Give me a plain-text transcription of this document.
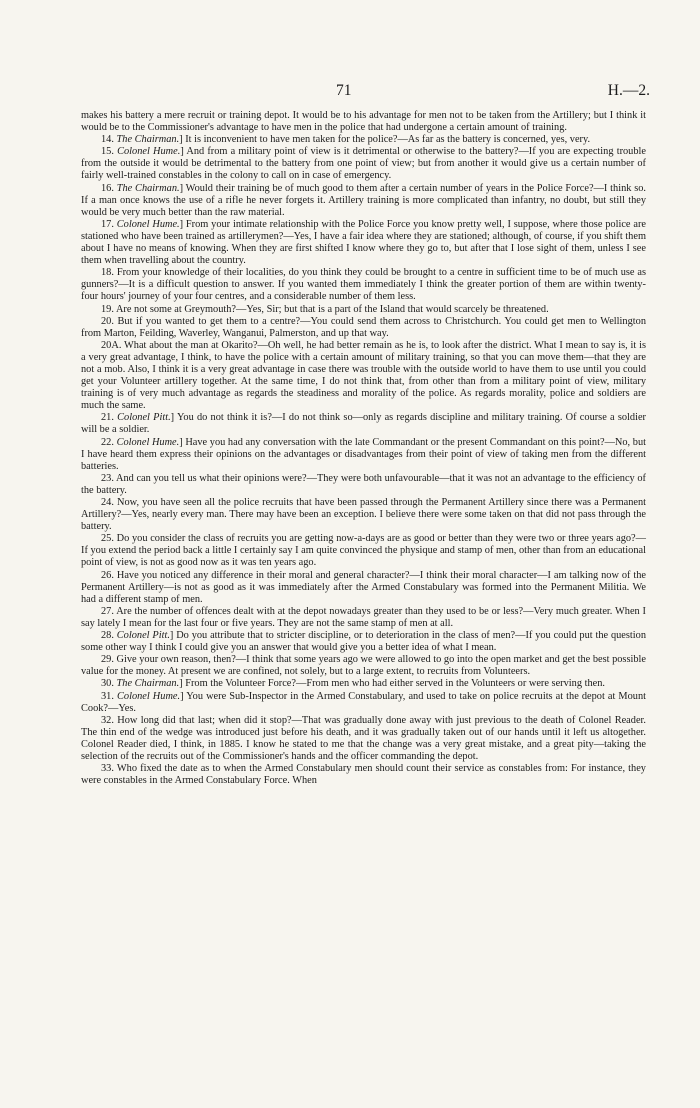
71	H.—2.

makes his battery a mere recruit or training depot. It would be to his advantage for men not to be taken from the Artillery; but I think it would be to the Commissioner's advantage to have men in the police that had undergone a certain amount of training.

14. The Chairman.] It is inconvenient to have men taken for the police?—As far as the battery is concerned, yes, very.

15. Colonel Hume.] And from a military point of view is it detrimental or otherwise to the battery?—If you are expecting trouble from the outside it would be detrimental to the battery from one point of view; but from another it would give us a certain number of fairly well-trained constables in the colony to call on in case of emergency.

16. The Chairman.] Would their training be of much good to them after a certain number of years in the Police Force?—I think so. If a man once knows the use of a rifle he never forgets it. Artillery training is more complicated than infantry, no doubt, but still they would be very much better than the raw material.

17. Colonel Hume.] From your intimate relationship with the Police Force you know pretty well, I suppose, where those police are stationed who have been trained as artillerymen?—Yes, I have a fair idea where they are stationed; although, of course, if you shift them about I have no means of knowing. When they are first shifted I know where they go to, but after that I lose sight of them, unless I see them when travelling about the country.

18. From your knowledge of their localities, do you think they could be brought to a centre in sufficient time to be of much use as gunners?—It is a difficult question to answer. If you wanted them immediately I think the greater portion of them are within twenty-four hours' journey of your four centres, and a considerable number of them less.

19. Are not some at Greymouth?—Yes, Sir; but that is a part of the Island that would scarcely be threatened.

20. But if you wanted to get them to a centre?—You could send them across to Christchurch. You could get men to Wellington from Marton, Feilding, Waverley, Wanganui, Palmerston, and up that way.

20A. What about the man at Okarito?—Oh well, he had better remain as he is, to look after the district. What I mean to say is, it is a very great advantage, I think, to have the police with a certain amount of military training, so that you can move them—that they are not a mob. Also, I think it is a very great advantage in case there was trouble with the outside world to have them to use until you could get your Volunteer artillery together. At the same time, I do not think that, from other than from a military point of view, military training is of very much advantage as regards the steadiness and morality of the police. As regards morality, police and soldiers are much the same.

21. Colonel Pitt.] You do not think it is?—I do not think so—only as regards discipline and military training. Of course a soldier will be a soldier.

22. Colonel Hume.] Have you had any conversation with the late Commandant or the present Commandant on this point?—No, but I have heard them express their opinions on the advantages or disadvantages from their point of view of taking men from the different batteries.

23. And can you tell us what their opinions were?—They were both unfavourable—that it was not an advantage to the efficiency of the battery.

24. Now, you have seen all the police recruits that have been passed through the Permanent Artillery since there was a Permanent Artillery?—Yes, nearly every man. There may have been an exception. I believe there were some taken on that did not pass through the battery.

25. Do you consider the class of recruits you are getting now-a-days are as good or better than they were two or three years ago?—If you extend the period back a little I certainly say I am quite convinced the physique and stamp of men, other than from an educational point of view, is not as good now as it was ten years ago.

26. Have you noticed any difference in their moral and general character?—I think their moral character—I am talking now of the Permanent Artillery—is not as good as it was immediately after the Armed Constabulary was formed into the Permanent Militia. We had a different stamp of men.

27. Are the number of offences dealt with at the depot nowadays greater than they used to be or less?—Very much greater. When I say lately I mean for the last four or five years. They are not the same stamp of men at all.

28. Colonel Pitt.] Do you attribute that to stricter discipline, or to deterioration in the class of men?—If you could put the question some other way I think I could give you an answer that would give you a better idea of what I mean.

29. Give your own reason, then?—I think that some years ago we were allowed to go into the open market and get the best possible value for the money. At present we are confined, not solely, but to a large extent, to recruits from Volunteers.

30. The Chairman.] From the Volunteer Force?—From men who had either served in the Volunteers or were serving then.

31. Colonel Hume.] You were Sub-Inspector in the Armed Constabulary, and used to take on police recruits at the depot at Mount Cook?—Yes.

32. How long did that last; when did it stop?—That was gradually done away with just previous to the death of Colonel Reader. The thin end of the wedge was introduced just before his death, and it was gradually taken out of our hands until it left us altogether. Colonel Reader died, I think, in 1885. I know he stated to me that the change was a very great mistake, and a great pity—taking the selection of the recruits out of the Commissioner's hands and the officer commanding the depot.

33. Who fixed the date as to when the Armed Constabulary men should count their service as constables from: For instance, they were constables in the Armed Constabulary Force. When
